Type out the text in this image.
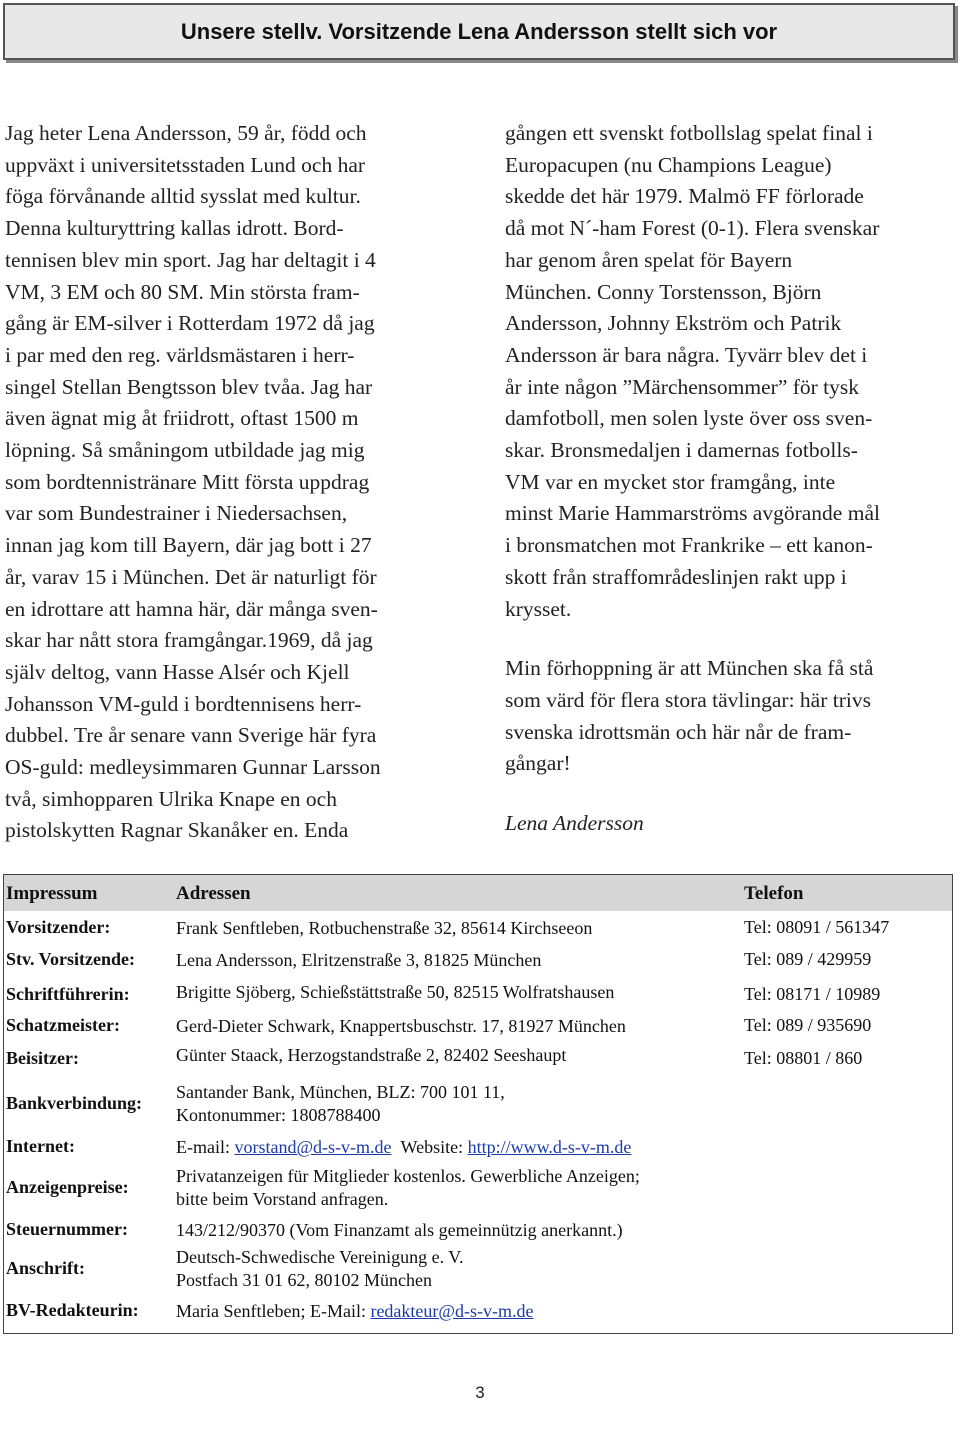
Unsere stellv. Vorsitzende Lena Andersson stellt sich vor

Jag heter Lena Andersson, 59 år, född och
uppväxt i universitetsstaden Lund och har
föga förvånande alltid sysslat med kultur.
Denna kulturyttring kallas idrott. Bord-
tennisen blev min sport. Jag har deltagit i 4
VM, 3 EM och 80 SM. Min största fram-
gång är EM-silver i Rotterdam 1972 då jag
i par med den reg. världsmästaren i herr-
singel Stellan Bengtsson blev tvåa. Jag har
även ägnat mig åt friidrott, oftast 1500 m
löpning. Så småningom utbildade jag mig
som bordtennistränare Mitt första uppdrag
var som Bundestrainer i Niedersachsen,
innan jag kom till Bayern, där jag bott i 27
år, varav 15 i München. Det är naturligt för
en idrottare att hamna här, där många sven-
skar har nått stora framgångar.1969, då jag
själv deltog, vann Hasse Alsér och Kjell
Johansson VM-guld i bordtennisens herr-
dubbel. Tre år senare vann Sverige här fyra
OS-guld: medleysimmaren Gunnar Larsson
två, simhopparen Ulrika Knape en och
pistolskytten Ragnar Skanåker en. Enda

gången ett svenskt fotbollslag spelat final i
Europacupen (nu Champions League)
skedde det här 1979. Malmö FF förlorade
då mot N´-ham Forest (0-1). Flera svenskar
har genom åren spelat för Bayern
München. Conny Torstensson, Björn
Andersson, Johnny Ekström och Patrik
Andersson är bara några. Tyvärr blev det i
år inte någon ”Märchensommer” för tysk
damfotboll, men solen lyste över oss sven-
skar. Bronsmedaljen i damernas fotbolls-
VM var en mycket stor framgång, inte
minst Marie Hammarströms avgörande mål
i bronsmatchen mot Frankrike – ett kanon-
skott från straffområdeslinjen rakt upp i
krysset.

Min förhoppning är att München ska få stå
som värd för flera stora tävlingar: här trivs
svenska idrottsmän och här når de fram-
gångar!

Lena Andersson

Impressum	Adressen	Telefon
Vorsitzender:	Frank Senftleben, Rotbuchenstraße 32, 85614 Kirchseeon	Tel: 08091 / 561347
Stv. Vorsitzende: Lena Andersson, Elritzenstraße 3, 81825 München	Tel: 089 / 429959
Schriftführerin:	Brigitte Sjöberg, Schießstättstraße 50, 82515 Wolfratshausen	Tel: 08171 / 10989
Schatzmeister:	Gerd-Dieter Schwark, Knappertsbuschstr. 17, 81927 München	Tel: 089 / 935690
Beisitzer:	Günter Staack, Herzogstandstraße 2, 82402 Seeshaupt	Tel: 08801 / 860
Bankverbindung:
Santander Bank, München, BLZ: 700 101 11,
Kontonummer: 1808788400
Internet:	E-mail: vorstand@d-s-v-m.de Website: http://www.d-s-v-m.de
Anzeigenpreise:
Privatanzeigen für Mitglieder kostenlos. Gewerbliche Anzeigen;
bitte beim Vorstand anfragen.
Steuernummer:	143/212/90370 (Vom Finanzamt als gemeinnützig anerkannt.)
Anschrift:
Deutsch-Schwedische Vereinigung e. V.
Postfach 31 01 62, 80102 München
BV-Redakteurin: Maria Senftleben; E-Mail: redakteur@d-s-v-m.de
3
